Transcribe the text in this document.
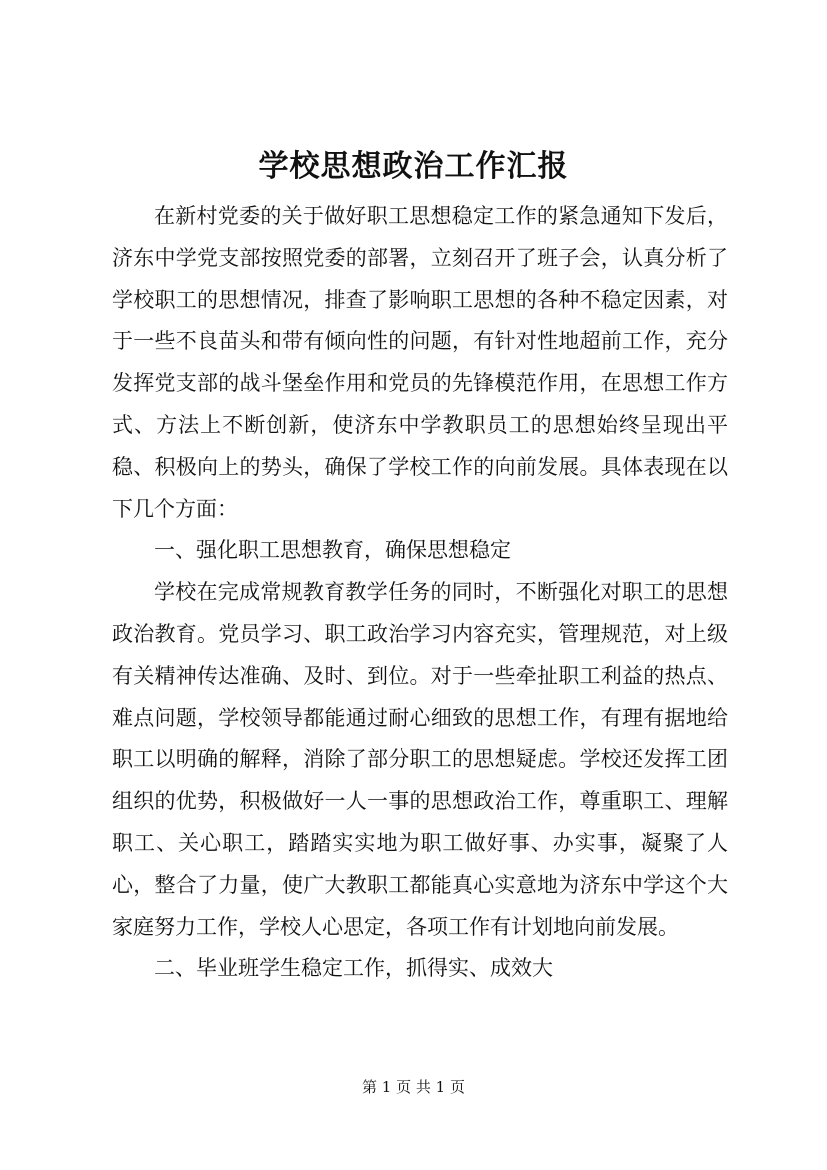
学校思想政治工作汇报

在新村党委的关于做好职工思想稳定工作的紧急通知下发后，济东中学党支部按照党委的部署，立刻召开了班子会，认真分析了学校职工的思想情况，排查了影响职工思想的各种不稳定因素，对于一些不良苗头和带有倾向性的问题，有针对性地超前工作，充分发挥党支部的战斗堡垒作用和党员的先锋模范作用，在思想工作方式、方法上不断创新，使济东中学教职员工的思想始终呈现出平稳、积极向上的势头，确保了学校工作的向前发展。具体表现在以下几个方面：

一、强化职工思想教育，确保思想稳定

学校在完成常规教育教学任务的同时，不断强化对职工的思想政治教育。党员学习、职工政治学习内容充实，管理规范，对上级有关精神传达准确、及时、到位。对于一些牵扯职工利益的热点、难点问题，学校领导都能通过耐心细致的思想工作，有理有据地给职工以明确的解释，消除了部分职工的思想疑虑。学校还发挥工团组织的优势，积极做好一人一事的思想政治工作，尊重职工、理解职工、关心职工，踏踏实实地为职工做好事、办实事，凝聚了人心，整合了力量，使广大教职工都能真心实意地为济东中学这个大家庭努力工作，学校人心思定，各项工作有计划地向前发展。

二、毕业班学生稳定工作，抓得实、成效大

第 1 页 共 1 页
